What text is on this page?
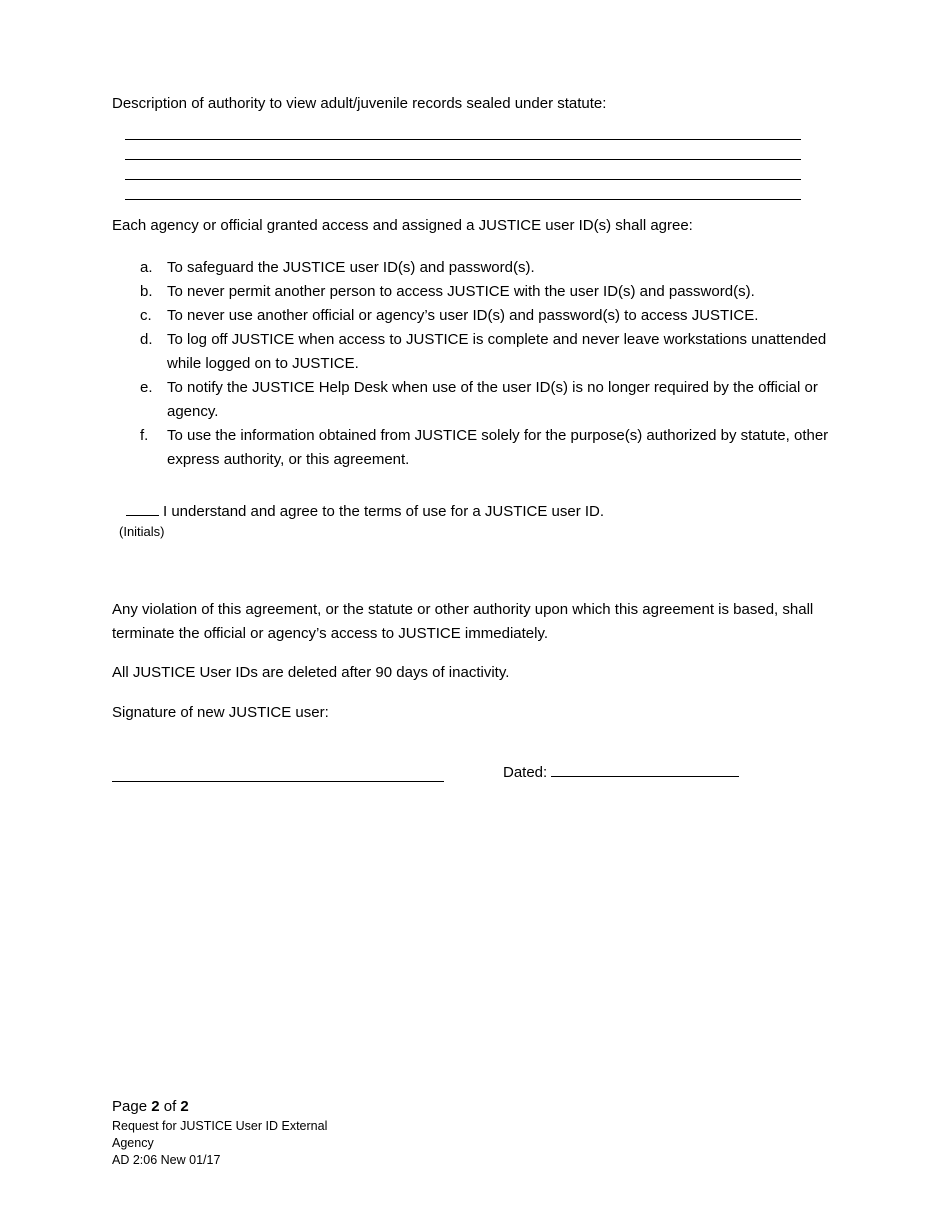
Description of authority to view adult/juvenile records sealed under statute:
Each agency or official granted access and assigned a JUSTICE user ID(s) shall agree:
a. To safeguard the JUSTICE user ID(s) and password(s).
b. To never permit another person to access JUSTICE with the user ID(s) and password(s).
c.	To never use another official or agency’s user ID(s) and password(s) to access JUSTICE.
d. To log off JUSTICE when access to JUSTICE is complete and never leave workstations unattended while logged on to JUSTICE.
e. To notify the JUSTICE Help Desk when use of the user ID(s) is no longer required by the official or agency.
f.	To use the information obtained from JUSTICE solely for the purpose(s) authorized by statute, other express authority, or this agreement.
I understand and agree to the terms of use for a JUSTICE user ID.
(Initials)
Any violation of this agreement, or the statute or other authority upon which this agreement is based, shall terminate the official or agency’s access to JUSTICE immediately.
All JUSTICE User IDs are deleted after 90 days of inactivity.
Signature of new JUSTICE user:
Dated:
Page 2 of 2
Request for JUSTICE User ID External Agency
AD 2:06 New 01/17
